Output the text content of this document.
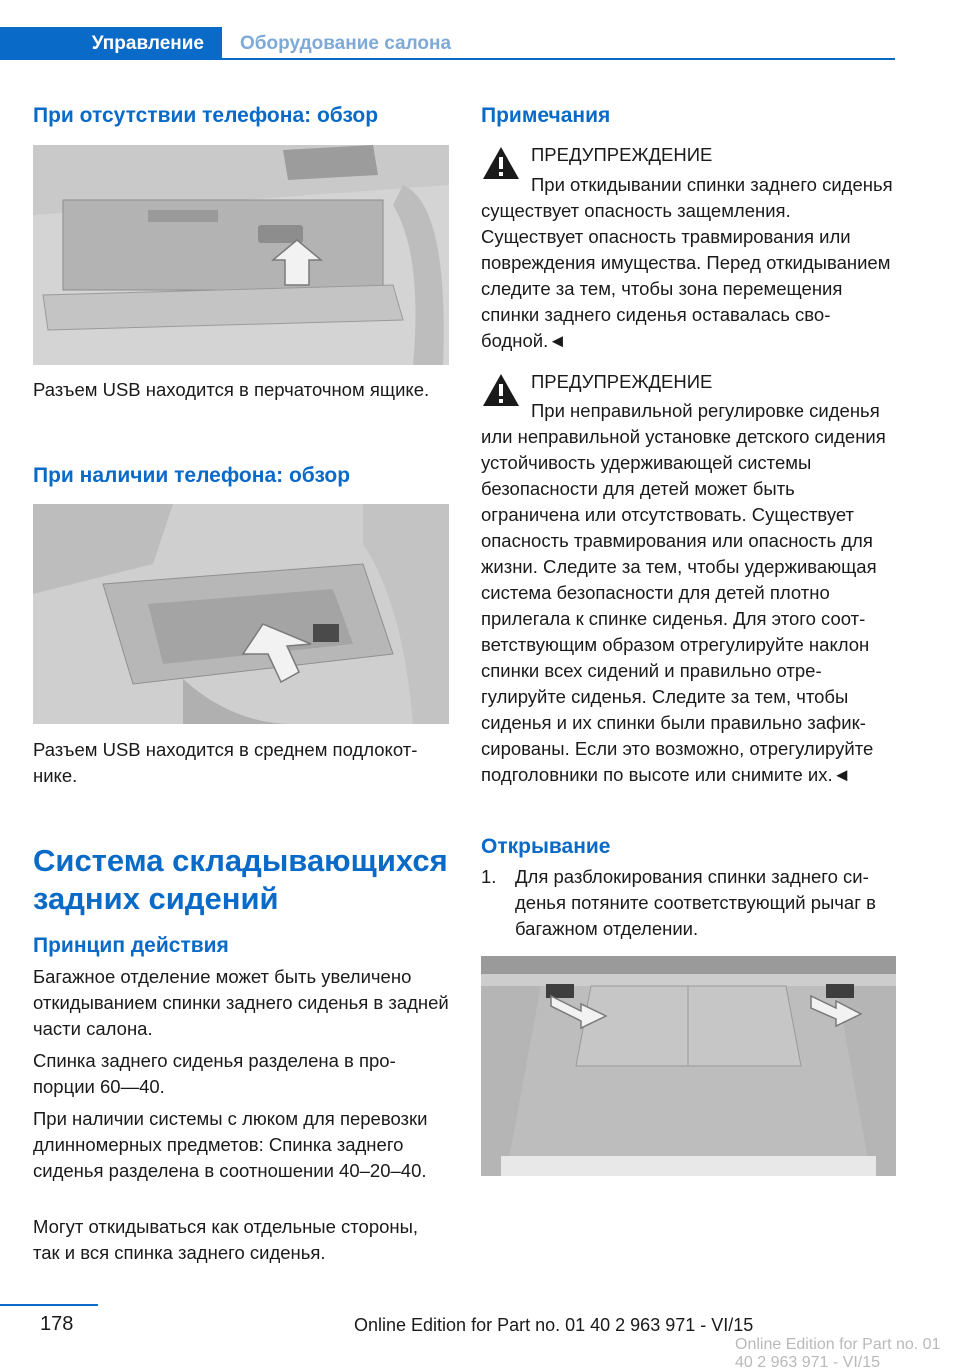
Управление	Оборудование салона
При отсутствии телефона: обзор

Разъем USB находится в перчаточном ящике.

При наличии телефона: обзор

Разъем USB находится в среднем подлокотнике.

Система складывающихся задних сидений
Принцип действия

Багажное отделение может быть увеличено откидыванием спинки заднего сиденья в задней части салона.

Спинка заднего сиденья разделена в пропорции 60—40.

При наличии системы с люком для перевозки длинномерных предметов: Спинка заднего сиденья разделена в соотношении 40–20–40.

Могут откидываться как отдельные стороны, так и вся спинка заднего сиденья.

Примечания
ПРЕДУПРЕЖДЕНИЕ

При откидывании спинки заднего сиденья существует опасность защемления. Существует опасность травмирования или повреждения имущества. Перед откидыванием следите за тем, чтобы зона перемещения спинки заднего сиденья оставалась свободной.◄

ПРЕДУПРЕЖДЕНИЕ

При неправильной регулировке сиденья или неправильной установке детского сидения устойчивость удерживающей системы безопасности для детей может быть ограничена или отсутствовать. Существует опасность травмирования или опасность для жизни. Следите за тем, чтобы удерживающая система безопасности для детей плотно прилегала к спинке сиденья. Для этого соответствующим образом отрегулируйте наклон спинки всех сидений и правильно отрегулируйте сиденья. Следите за тем, чтобы сиденья и их спинки были правильно зафиксированы. Если это возможно, отрегулируйте подголовники по высоте или снимите их.◄

Открывание
1.	Для разблокирования спинки заднего сиденья потяните соответствующий рычаг в багажном отделении.

178	Online Edition for Part no. 01 40 2 963 971 - VI/15
Online Edition for Part no. 01 40 2 963 971 - VI/15
